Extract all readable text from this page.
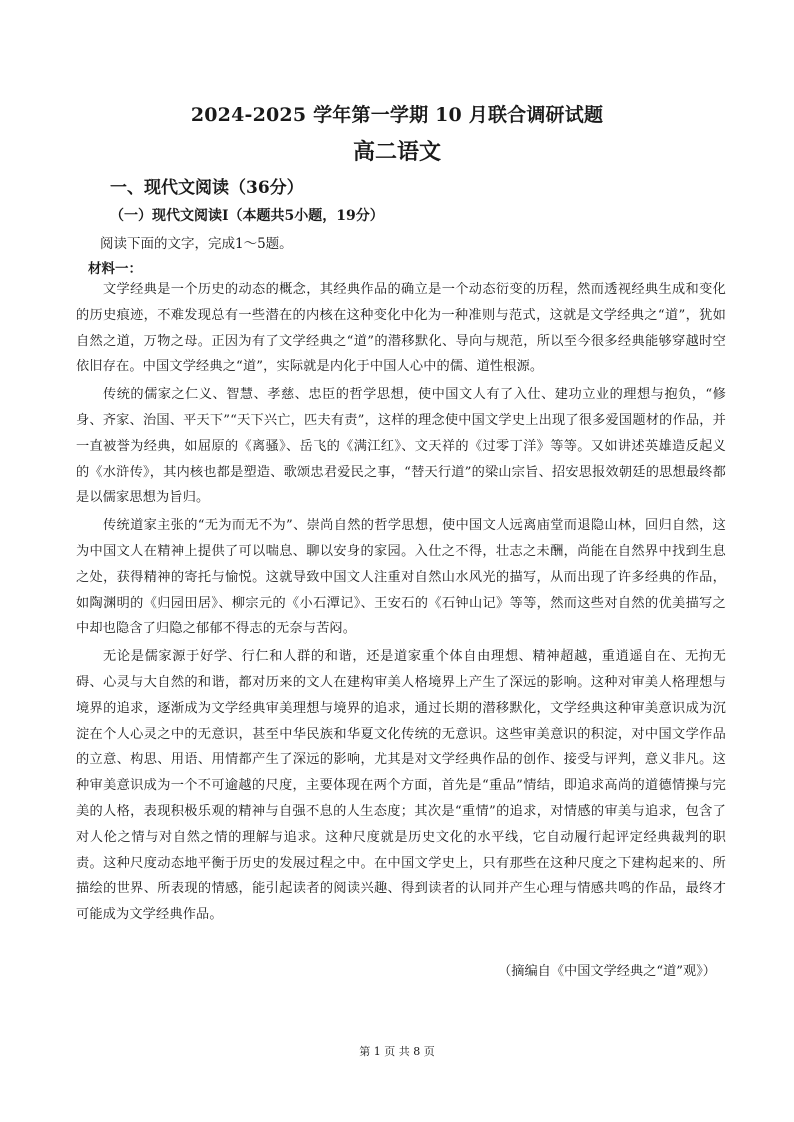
2024-2025 学年第一学期 10 月联合调研试题
高二语文
一、现代文阅读（36分）
（一）现代文阅读I（本题共5小题，19分）
阅读下面的文字，完成1～5题。
材料一：

文学经典是一个历史的动态的概念，其经典作品的确立是一个动态衍变的历程，然而透视经典生成和变化的历史痕迹，不难发现总有一些潜在的内核在这种变化中化为一种准则与范式，这就是文学经典之“道”，犹如自然之道，万物之母。正因为有了文学经典之“道”的潜移默化、导向与规范，所以至今很多经典能够穿越时空依旧存在。中国文学经典之“道”，实际就是内化于中国人心中的儒、道性根源。

传统的儒家之仁义、智慧、孝慈、忠臣的哲学思想，使中国文人有了入仕、建功立业的理想与抱负，“修身、齐家、治国、平天下”“天下兴亡，匹夫有责”，这样的理念使中国文学史上出现了很多爱国题材的作品，并一直被誉为经典，如屈原的《离骚》、岳飞的《满江红》、文天祥的《过零丁洋》等等。又如讲述英雄造反起义的《水浒传》，其内核也都是塑造、歌颂忠君爱民之事，“替天行道”的梁山宗旨、招安思报效朝廷的思想最终都是以儒家思想为旨归。

传统道家主张的“无为而无不为”、崇尚自然的哲学思想，使中国文人远离庙堂而退隐山林，回归自然，这为中国文人在精神上提供了可以喘息、聊以安身的家园。入仕之不得，壮志之未酬，尚能在自然界中找到生息之处，获得精神的寄托与愉悦。这就导致中国文人注重对自然山水风光的描写，从而出现了许多经典的作品，如陶渊明的《归园田居》、柳宗元的《小石潭记》、王安石的《石钟山记》等等，然而这些对自然的优美描写之中却也隐含了归隐之郁郁不得志的无奈与苦闷。

无论是儒家源于好学、行仁和人群的和谐，还是道家重个体自由理想、精神超越，重逍遥自在、无拘无碍、心灵与大自然的和谐，都对历来的文人在建构审美人格境界上产生了深远的影响。这种对审美人格理想与境界的追求，逐渐成为文学经典审美理想与境界的追求，通过长期的潜移默化，文学经典这种审美意识成为沉淀在个人心灵之中的无意识，甚至中华民族和华夏文化传统的无意识。这些审美意识的积淀，对中国文学作品的立意、构思、用语、用情都产生了深远的影响，尤其是对文学经典作品的创作、接受与评判，意义非凡。这种审美意识成为一个不可逾越的尺度，主要体现在两个方面，首先是“重品”情结，即追求高尚的道德情操与完美的人格，表现积极乐观的精神与自强不息的人生态度；其次是“重情”的追求，对情感的审美与追求，包含了对人伦之情与对自然之情的理解与追求。这种尺度就是历史文化的水平线，它自动履行起评定经典裁判的职责。这种尺度动态地平衡于历史的发展过程之中。在中国文学史上，只有那些在这种尺度之下建构起来的、所描绘的世界、所表现的情感，能引起读者的阅读兴趣、得到读者的认同并产生心理与情感共鸣的作品，最终才可能成为文学经典作品。

（摘编自《中国文学经典之“道”观》）
第 1 页 共 8 页
